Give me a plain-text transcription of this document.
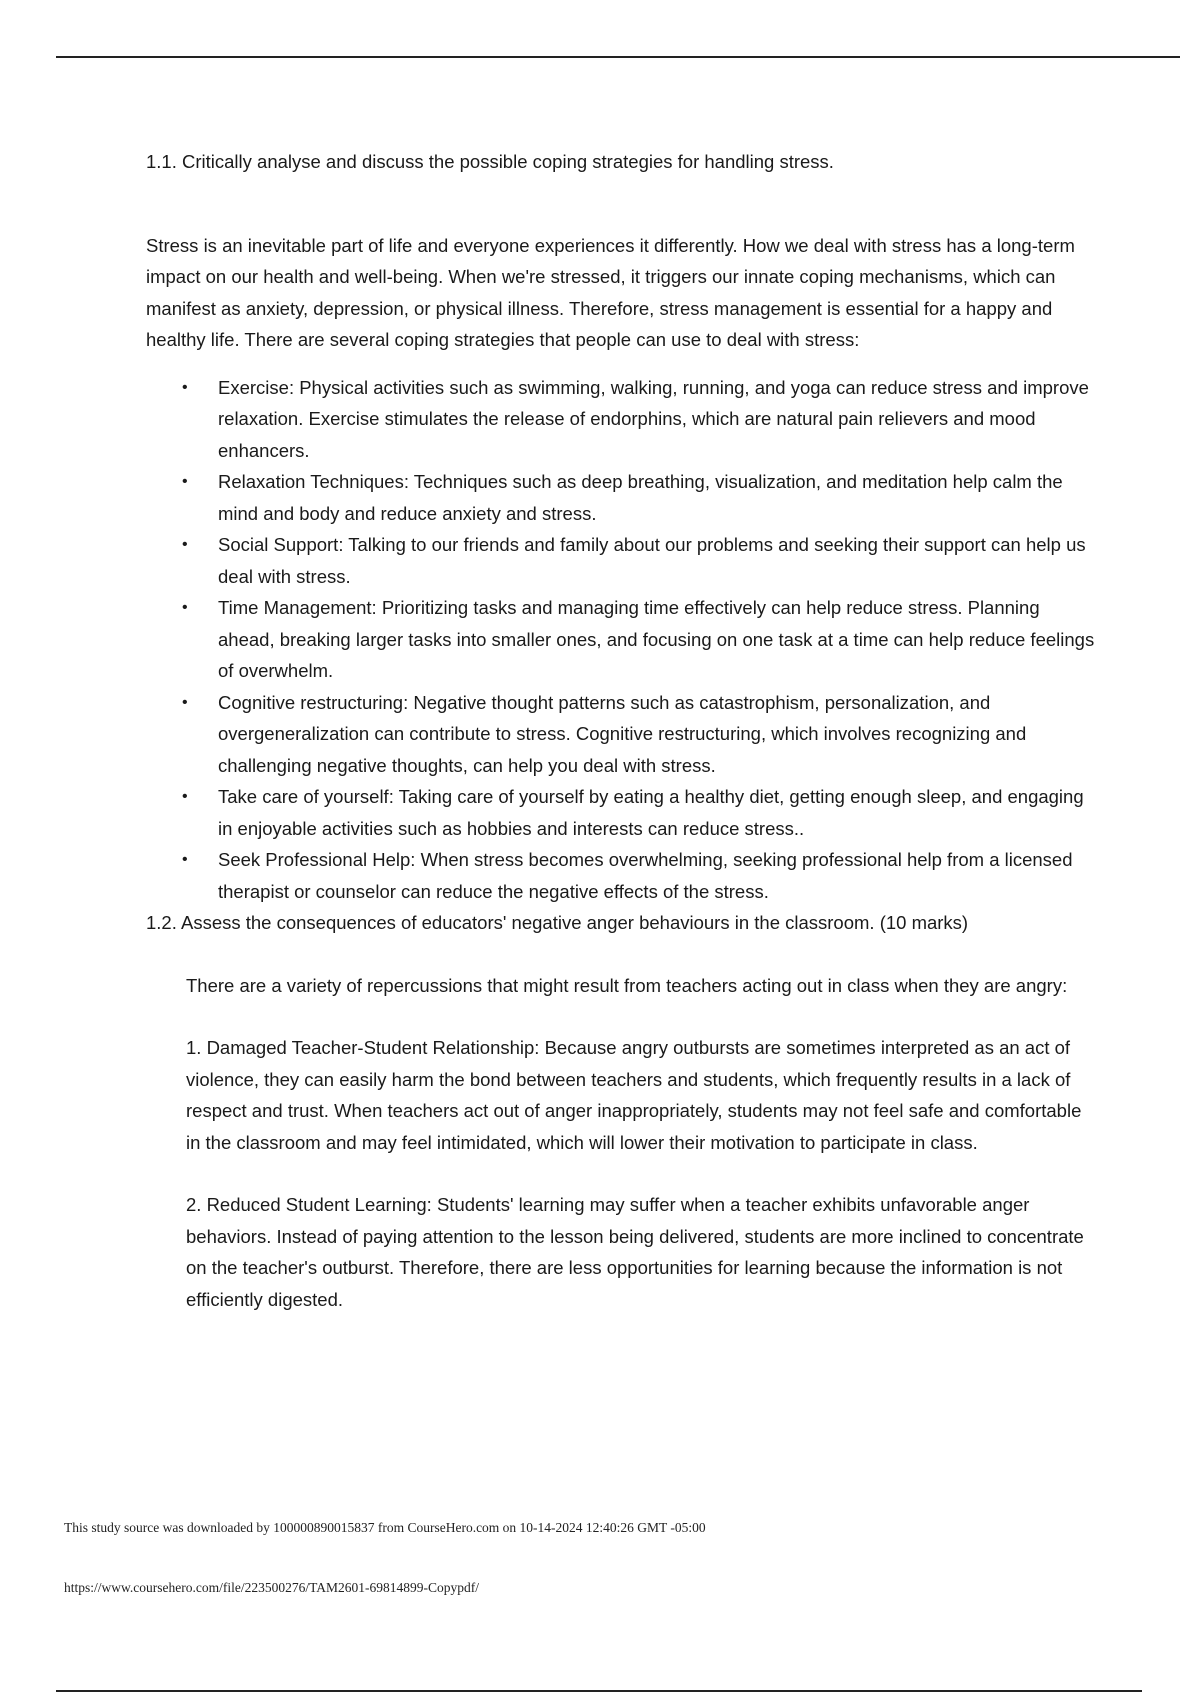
1.1. Critically analyse and discuss the possible coping strategies for handling stress.

Stress is an inevitable part of life and everyone experiences it differently. How we deal with stress has a long-term impact on our health and well-being. When we're stressed, it triggers our innate coping mechanisms, which can manifest as anxiety, depression, or physical illness. Therefore, stress management is essential for a happy and healthy life. There are several coping strategies that people can use to deal with stress:

• Exercise: Physical activities such as swimming, walking, running, and yoga can reduce stress and improve relaxation. Exercise stimulates the release of endorphins, which are natural pain relievers and mood enhancers.
• Relaxation Techniques: Techniques such as deep breathing, visualization, and meditation help calm the mind and body and reduce anxiety and stress.
• Social Support: Talking to our friends and family about our problems and seeking their support can help us deal with stress.
• Time Management: Prioritizing tasks and managing time effectively can help reduce stress. Planning ahead, breaking larger tasks into smaller ones, and focusing on one task at a time can help reduce feelings of overwhelm.
• Cognitive restructuring: Negative thought patterns such as catastrophism, personalization, and overgeneralization can contribute to stress. Cognitive restructuring, which involves recognizing and challenging negative thoughts, can help you deal with stress.
• Take care of yourself: Taking care of yourself by eating a healthy diet, getting enough sleep, and engaging in enjoyable activities such as hobbies and interests can reduce stress..
• Seek Professional Help: When stress becomes overwhelming, seeking professional help from a licensed therapist or counselor can reduce the negative effects of the stress.

1.2. Assess the consequences of educators' negative anger behaviours in the classroom. (10 marks)

There are a variety of repercussions that might result from teachers acting out in class when they are angry:

1. Damaged Teacher-Student Relationship: Because angry outbursts are sometimes interpreted as an act of violence, they can easily harm the bond between teachers and students, which frequently results in a lack of respect and trust. When teachers act out of anger inappropriately, students may not feel safe and comfortable in the classroom and may feel intimidated, which will lower their motivation to participate in class.

2. Reduced Student Learning: Students' learning may suffer when a teacher exhibits unfavorable anger behaviors. Instead of paying attention to the lesson being delivered, students are more inclined to concentrate on the teacher's outburst. Therefore, there are less opportunities for learning because the information is not efficiently digested.

This study source was downloaded by 100000890015837 from CourseHero.com on 10-14-2024 12:40:26 GMT -05:00
https://www.coursehero.com/file/223500276/TAM2601-69814899-Copypdf/
